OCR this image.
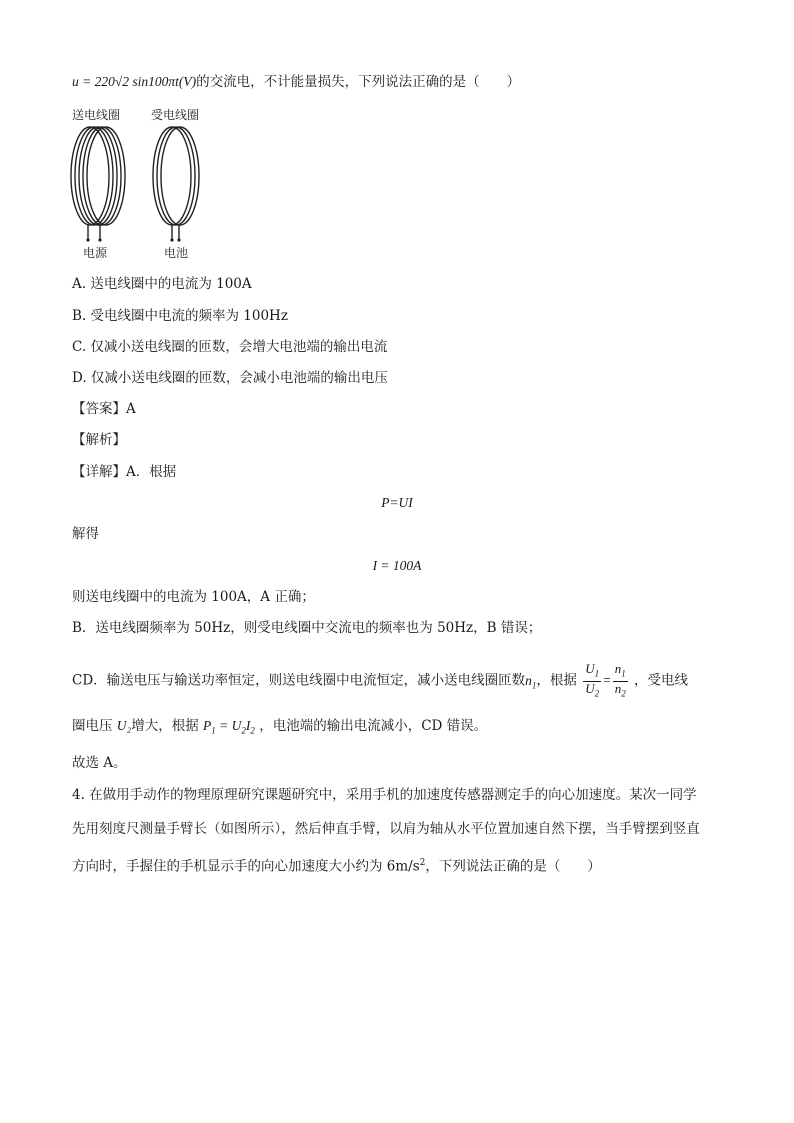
u = 220√2 sin100πt(V)的交流电，不计能量损失，下列说法正确的是（　　）
送电线圈	受电线圈
电源	电池
A. 送电线圈中的电流为 100A
B. 受电线圈中电流的频率为 100Hz
C. 仅减小送电线圈的匝数，会增大电池端的输出电流
D. 仅减小送电线圈的匝数，会减小电池端的输出电压
【答案】A
【解析】
【详解】A．根据
P=UI
解得
I = 100A
则送电线圈中的电流为 100A，A 正确；
B．送电线圈频率为 50Hz，则受电线圈中交流电的频率也为 50Hz，B 错误；
CD．输送电压与输送功率恒定，则送电线圈中电流恒定，减小送电线圈匝数$n_1$，根据 $\frac{U_1}{U_2} = \frac{n_1}{n_2}$ ，受电线
圈电压 U₂增大，根据 $P_1 = U_2I_2$ ，电池端的输出电流减小，CD 错误。
故选 A。
4. 在做用手动作的物理原理研究课题研究中，采用手机的加速度传感器测定手的向心加速度。某次一同学
先用刻度尺测量手臂长（如图所示），然后伸直手臂，以肩为轴从水平位置加速自然下摆，当手臂摆到竖直
方向时，手握住的手机显示手的向心加速度大小约为 $6m/s^2$，下列说法正确的是（　　）
